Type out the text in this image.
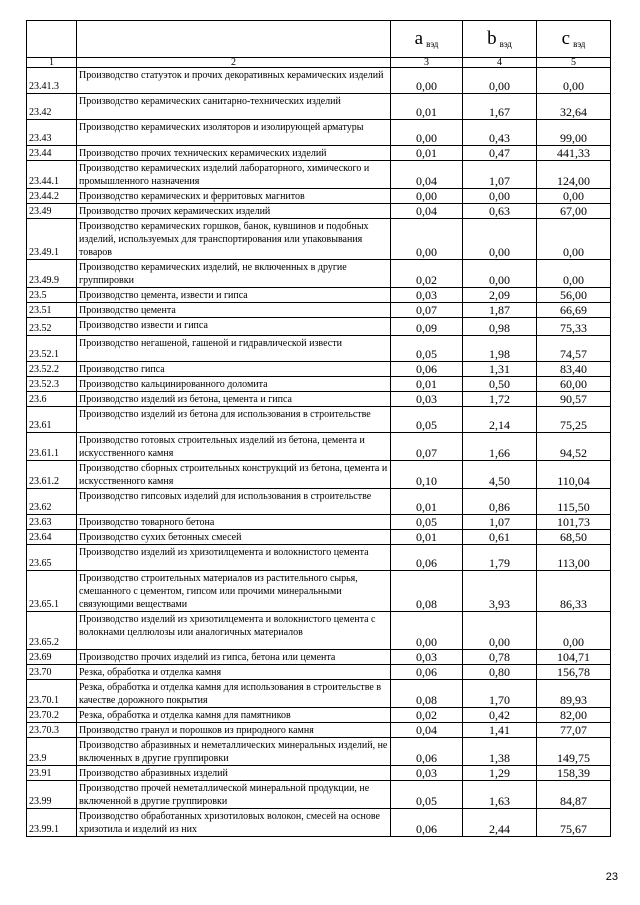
		a $_{вэд}$	b $_{вэд}$	c $_{вэд}$
1	2	3	4	5
23.41.3	Производство статуэток и прочих декоративных керамических изделий	0,00	0,00	0,00
23.42	Производство керамических санитарно-технических изделий	0,01	1,67	32,64
23.43	Производство керамических изоляторов и изолирующей арматуры	0,00	0,43	99,00
23.44	Производство прочих технических керамических изделий	0,01	0,47	441,33
23.44.1	Производство керамических изделий лабораторного, химического и промышленного назначения	0,04	1,07	124,00
23.44.2	Производство керамических и ферритовых магнитов	0,00	0,00	0,00
23.49	Производство прочих керамических изделий	0,04	0,63	67,00
23.49.1	Производство керамических горшков, банок, кувшинов и подобных изделий, используемых для транспортирования или упаковывания товаров	0,00	0,00	0,00
23.49.9	Производство керамических изделий, не включенных в другие группировки	0,02	0,00	0,00
23.5	Производство цемента, извести и гипса	0,03	2,09	56,00
23.51	Производство цемента	0,07	1,87	66,69
23.52	Производство извести и гипса	0,09	0,98	75,33
23.52.1	Производство негашеной, гашеной и гидравлической извести	0,05	1,98	74,57
23.52.2	Производство гипса	0,06	1,31	83,40
23.52.3	Производство кальцинированного доломита	0,01	0,50	60,00
23.6	Производство изделий из бетона, цемента и гипса	0,03	1,72	90,57
23.61	Производство изделий из бетона для использования в строительстве	0,05	2,14	75,25
23.61.1	Производство готовых строительных изделий из бетона, цемента и искусственного камня	0,07	1,66	94,52
23.61.2	Производство сборных строительных конструкций из бетона, цемента и искусственного камня	0,10	4,50	110,04
23.62	Производство гипсовых изделий для использования в строительстве	0,01	0,86	115,50
23.63	Производство товарного бетона	0,05	1,07	101,73
23.64	Производство сухих бетонных смесей	0,01	0,61	68,50
23.65	Производство изделий из хризотилцемента и волокнистого цемента	0,06	1,79	113,00
23.65.1	Производство строительных материалов из растительного сырья, смешанного с цементом, гипсом или прочими минеральными связующими веществами	0,08	3,93	86,33
23.65.2	Производство изделий из хризотилцемента и волокнистого цемента с волокнами целлюлозы или аналогичных материалов	0,00	0,00	0,00
23.69	Производство прочих изделий из гипса, бетона или цемента	0,03	0,78	104,71
23.70	Резка, обработка и отделка камня	0,06	0,80	156,78
23.70.1	Резка, обработка и отделка камня для использования в строительстве в качестве дорожного покрытия	0,08	1,70	89,93
23.70.2	Резка, обработка и отделка камня для памятников	0,02	0,42	82,00
23.70.3	Производство гранул и порошков из природного камня	0,04	1,41	77,07
23.9	Производство абразивных и неметаллических минеральных изделий, не включенных в другие группировки	0,06	1,38	149,75
23.91	Производство абразивных изделий	0,03	1,29	158,39
23.99	Производство прочей неметаллической минеральной продукции, не включенной в другие группировки	0,05	1,63	84,87
23.99.1	Производство обработанных хризотиловых волокон, смесей на основе хризотила и изделий из них	0,06	2,44	75,67
23
